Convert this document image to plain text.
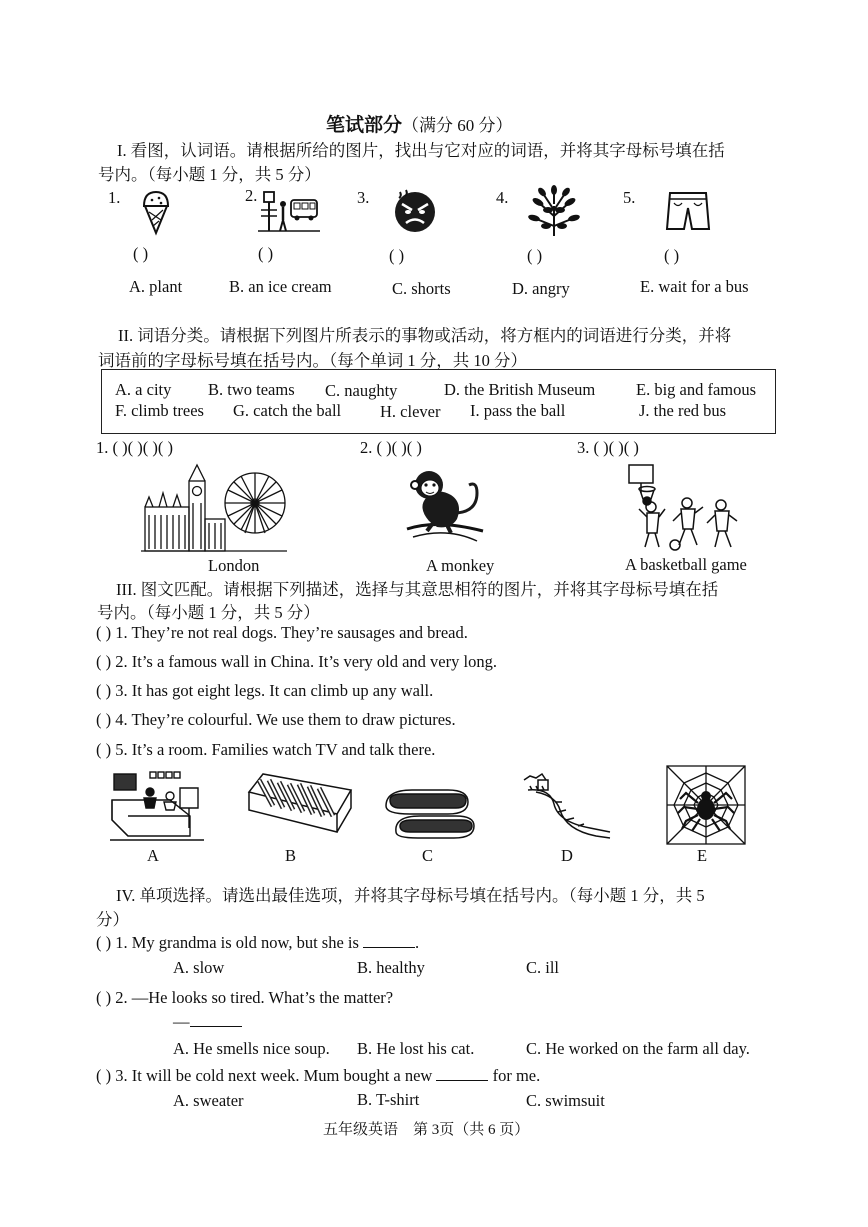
笔试部分（满分 60 分）
I. 看图，认词语。请根据所给的图片，找出与它对应的词语，并将其字母标号填在括
号内。（每小题 1 分，共 5 分）
1.	2.	3.	4.	5.
( )	( )	( )	( )	( )
A. plant	B. an ice cream	C. shorts	D. angry	E. wait for a bus
II. 词语分类。请根据下列图片所表示的事物或活动，将方框内的词语进行分类，并将
词语前的字母标号填在括号内。（每个单词 1 分，共 10 分）
A. a city B. two teams C. naughty	D. the British Museum E. big and famous
F. climb trees G. catch the ball H. clever I. pass the ball	J. the red bus
1. ( )( )( )( )	2. ( )( )( )	3. ( )( )( )
London	A monkey	A basketball game
III. 图文匹配。请根据下列描述，选择与其意思相符的图片，并将其字母标号填在括
号内。（每小题 1 分，共 5 分）
( ) 1. They’re not real dogs. They’re sausages and bread.
( ) 2. It’s a famous wall in China. It’s very old and very long.
( ) 3. It has got eight legs. It can climb up any wall.
( ) 4. They’re colourful. We use them to draw pictures.
( ) 5. It’s a room. Families watch TV and talk there.
A	B	C	D	E
IV. 单项选择。请选出最佳选项，并将其字母标号填在括号内。（每小题 1 分，共 5
分）
( ) 1. My grandma is old now, but she is	.
A. slow	B. healthy	C. ill
( ) 2. —He looks so tired. What’s the matter?
—
A. He smells nice soup. B. He lost his cat.	C. He worked on the farm all day.
( ) 3. It will be cold next week. Mum bought a new	for me.
A. sweater	B. T-shirt	C. swimsuit
五年级英语    第 3页（共 6 页）
